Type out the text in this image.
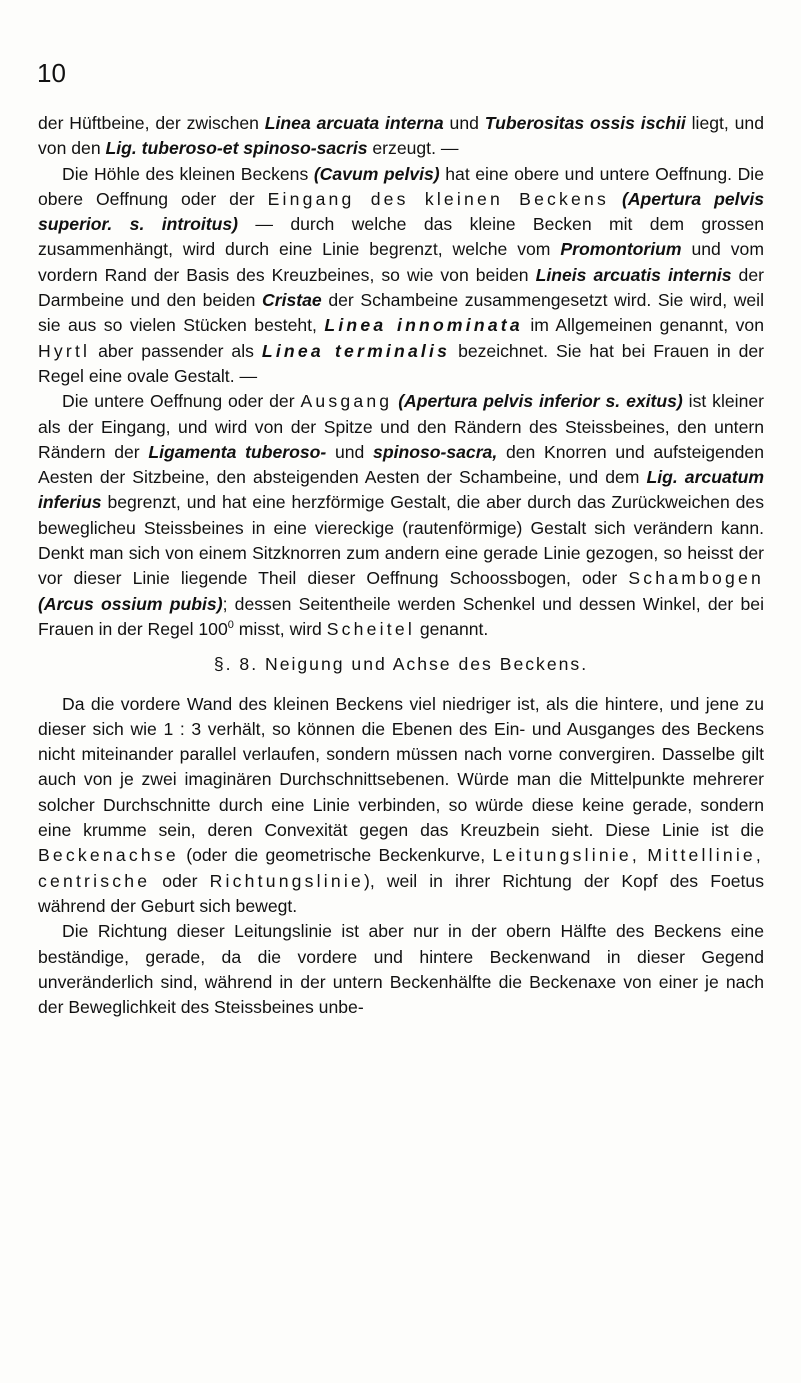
10

der Hüftbeine, der zwischen Linea arcuata interna und Tuberositas ossis ischii liegt, und von den Lig. tuberoso-et spinoso-sacris erzeugt. —

Die Höhle des kleinen Beckens (Cavum pelvis) hat eine obere und untere Oeffnung. Die obere Oeffnung oder der Eingang des kleinen Beckens (Apertura pelvis superior. s. introitus) — durch welche das kleine Becken mit dem grossen zusammenhängt, wird durch eine Linie begrenzt, welche vom Promontorium und vom vordern Rand der Basis des Kreuzbeines, so wie von beiden Lineis arcuatis internis der Darmbeine und den beiden Cristae der Schambeine zusammengesetzt wird. Sie wird, weil sie aus so vielen Stücken besteht, Linea innominata im Allgemeinen genannt, von Hyrtl aber passender als Linea terminalis bezeichnet. Sie hat bei Frauen in der Regel eine ovale Gestalt. —

Die untere Oeffnung oder der Ausgang (Apertura pelvis inferior s. exitus) ist kleiner als der Eingang, und wird von der Spitze und den Rändern des Steissbeines, den untern Rändern der Ligamenta tuberoso- und spinoso-sacra, den Knorren und aufsteigenden Aesten der Sitzbeine, den absteigenden Aesten der Schambeine, und dem Lig. arcuatum inferius begrenzt, und hat eine herzförmige Gestalt, die aber durch das Zurückweichen des beweglicheu Steissbeines in eine viereckige (rautenförmige) Gestalt sich verändern kann. Denkt man sich von einem Sitzknorren zum andern eine gerade Linie gezogen, so heisst der vor dieser Linie liegende Theil dieser Oeffnung Schoossbogen, oder Schambogen (Arcus ossium pubis); dessen Seitentheile werden Schenkel und dessen Winkel, der bei Frauen in der Regel $100^0$ misst, wird Scheitel genannt.

§. 8. Neigung und Achse des Beckens.

Da die vordere Wand des kleinen Beckens viel niedriger ist, als die hintere, und jene zu dieser sich wie 1 : 3 verhält, so können die Ebenen des Ein- und Ausganges des Beckens nicht miteinander parallel verlaufen, sondern müssen nach vorne convergiren. Dasselbe gilt auch von je zwei imaginären Durchschnittsebenen. Würde man die Mittelpunkte mehrerer solcher Durchschnitte durch eine Linie verbinden, so würde diese keine gerade, sondern eine krumme sein, deren Convexität gegen das Kreuzbein sieht. Diese Linie ist die Beckenachse (oder die geometrische Beckenkurve, Leitungslinie, Mittellinie, centrische oder Richtungslinie), weil in ihrer Richtung der Kopf des Foetus während der Geburt sich bewegt.

Die Richtung dieser Leitungslinie ist aber nur in der obern Hälfte des Beckens eine beständige, gerade, da die vordere und hintere Beckenwand in dieser Gegend unveränderlich sind, während in der untern Beckenhälfte die Beckenaxe von einer je nach der Beweglichkeit des Steissbeines unbe-
